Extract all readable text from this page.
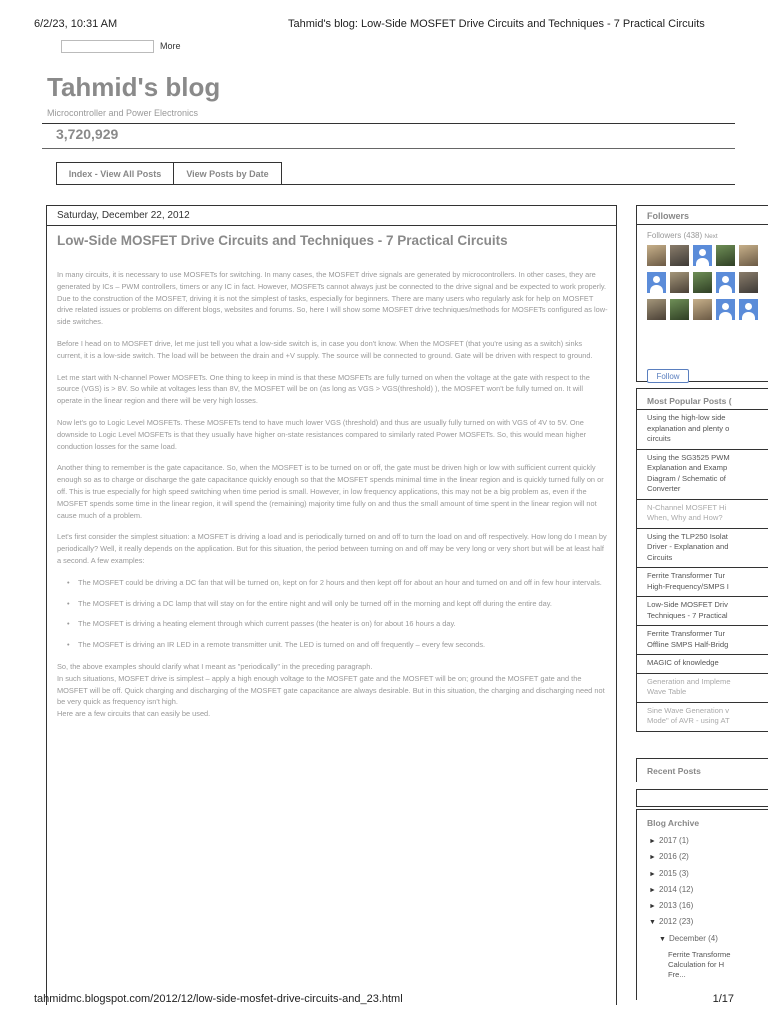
6/2/23, 10:31 AM	Tahmid's blog: Low-Side MOSFET Drive Circuits and Techniques - 7 Practical Circuits
More
Tahmid's blog
Microcontroller and Power Electronics
3,720,929
Index - View All Posts	View Posts by Date
Saturday, December 22, 2012
Low-Side MOSFET Drive Circuits and Techniques - 7 Practical Circuits

In many circuits, it is necessary to use MOSFETs for switching. In many cases, the MOSFET drive signals are generated by microcontrollers. In other cases, they are generated by ICs – PWM controllers, timers or any IC in fact. However, MOSFETs cannot always just be connected to the drive signal and be expected to work properly. Due to the construction of the MOSFET, driving it is not the simplest of tasks, especially for beginners. There are many users who regularly ask for help on MOSFET drive related issues or problems on different blogs, websites and forums. So, here I will show some MOSFET drive techniques/methods for MOSFETs configured as low-side switches.

Before I head on to MOSFET drive, let me just tell you what a low-side switch is, in case you don't know. When the MOSFET (that you're using as a switch) sinks current, it is a low-side switch. The load will be between the drain and +V supply. The source will be connected to ground. Gate will be driven with respect to ground.

Let me start with N-channel Power MOSFETs. One thing to keep in mind is that these MOSFETs are fully turned on when the voltage at the gate with respect to the source (VGS) is > 8V. So while at voltages less than 8V, the MOSFET will be on (as long as VGS > VGS(threshold) ), the MOSFET won't be fully turned on. It will operate in the linear region and there will be very high losses.

Now let's go to Logic Level MOSFETs. These MOSFETs tend to have much lower VGS (threshold) and thus are usually fully turned on with VGS of 4V to 5V. One downside to Logic Level MOSFETs is that they usually have higher on-state resistances compared to similarly rated Power MOSFETs. So, this would mean higher conduction losses for the same load.

Another thing to remember is the gate capacitance. So, when the MOSFET is to be turned on or off, the gate must be driven high or low with sufficient current quickly enough so as to charge or discharge the gate capacitance quickly enough so that the MOSFET spends minimal time in the linear region and is quickly turned fully on or off. This is true especially for high speed switching when time period is small. However, in low frequency applications, this may not be a big problem as, even if the MOSFET spends some time in the linear region, it will spend the (remaining) majority time fully on and thus the small amount of time spent in the linear region will not cause much of a problem.

Let's first consider the simplest situation: a MOSFET is driving a load and is periodically turned on and off to turn the load on and off respectively. How long do I mean by periodically? Well, it really depends on the application. But for this situation, the period between turning on and off may be very long or very short but will be at least half a second. A few examples:

• The MOSFET could be driving a DC fan that will be turned on, kept on for 2 hours and then kept off for about an hour and turned on and off in few hour intervals.
• The MOSFET is driving a DC lamp that will stay on for the entire night and will only be turned off in the morning and kept off during the entire day.
• The MOSFET is driving a heating element through which current passes (the heater is on) for about 16 hours a day.
• The MOSFET is driving an IR LED in a remote transmitter unit. The LED is turned on and off frequently – every few seconds.
So, the above examples should clarify what I meant as "periodically" in the preceding paragraph.
In such situations, MOSFET drive is simplest – apply a high enough voltage to the MOSFET gate and the MOSFET will be on; ground the MOSFET gate and the MOSFET will be off. Quick charging and discharging of the MOSFET gate capacitance are always desirable. But in this situation, the charging and discharging need not be very quick as frequency isn't high.
Here are a few circuits that can easily be used.
Followers
Followers (438) Next
Follow
Most Popular Posts (
Using the high-low side
explanation and plenty o
circuits
Using the SG3525 PWM
Explanation and Examp
Diagram / Schematic of
Converter
N-Channel MOSFET Hi
When, Why and How?
Using the TLP250 Isolat
Driver - Explanation and
Circuits
Ferrite Transformer Tur
High-Frequency/SMPS I
Low-Side MOSFET Driv
Techniques - 7 Practical
Ferrite Transformer Tur
Offline SMPS Half-Bridg
MAGIC of knowledge
Generation and Impleme
Wave Table
Sine Wave Generation v
Mode" of AVR - using AT
Recent Posts
Blog Archive
► 2017 (1)
► 2016 (2)
► 2015 (3)
► 2014 (12)
► 2013 (16)
▼ 2012 (23)
▼ December (4)
Ferrite Transforme
Calculation for H
Fre...
tahmidmc.blogspot.com/2012/12/low-side-mosfet-drive-circuits-and_23.html	1/17
